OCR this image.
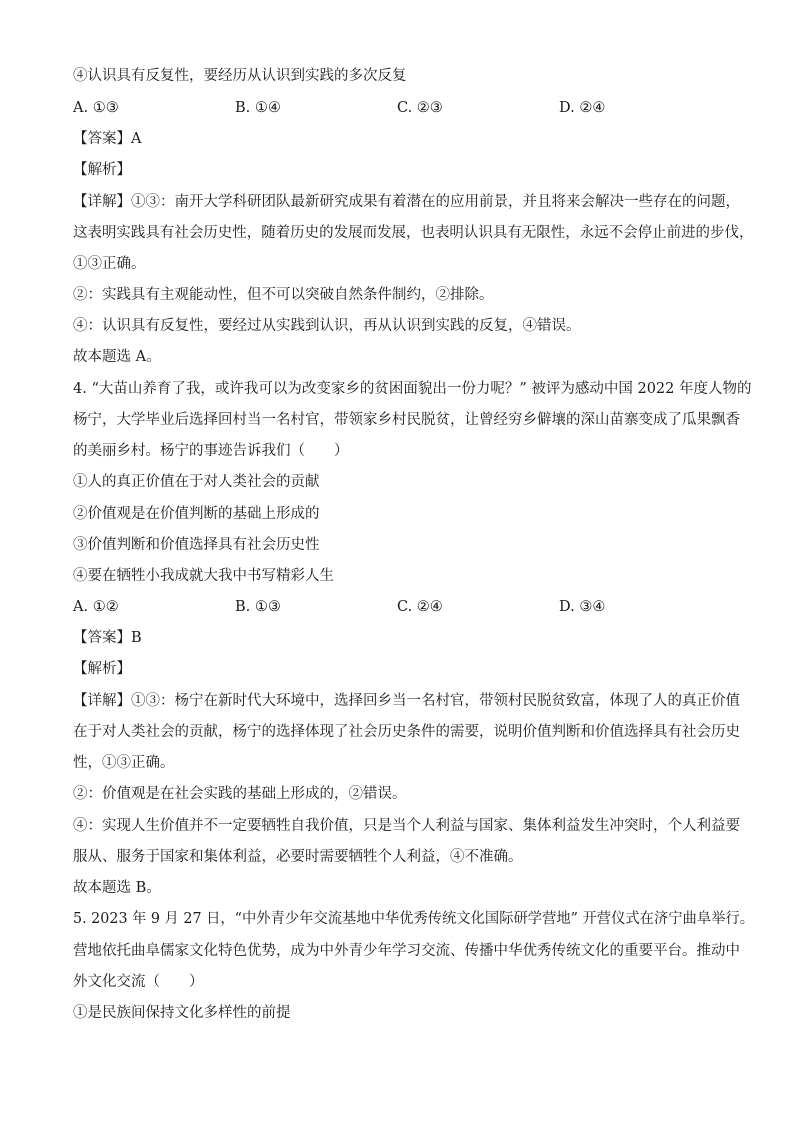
④认识具有反复性，要经历从认识到实践的多次反复
A. ①③	B. ①④	C. ②③	D. ②④
【答案】A
【解析】
【详解】①③：南开大学科研团队最新研究成果有着潜在的应用前景，并且将来会解决一些存在的问题，
这表明实践具有社会历史性，随着历史的发展而发展，也表明认识具有无限性，永远不会停止前进的步伐，
①③正确。
②：实践具有主观能动性，但不可以突破自然条件制约，②排除。
④：认识具有反复性，要经过从实践到认识，再从认识到实践的反复，④错误。
故本题选 A。
4. “大苗山养育了我，或许我可以为改变家乡的贫困面貌出一份力呢？” 被评为感动中国 2022 年度人物的
杨宁，大学毕业后选择回村当一名村官，带领家乡村民脱贫，让曾经穷乡僻壤的深山苗寨变成了瓜果飘香
的美丽乡村。杨宁的事迹告诉我们（　　）
①人的真正价值在于对人类社会的贡献
②价值观是在价值判断的基础上形成的
③价值判断和价值选择具有社会历史性
④要在牺牲小我成就大我中书写精彩人生
A. ①②	B. ①③	C. ②④	D. ③④
【答案】B
【解析】
【详解】①③：杨宁在新时代大环境中，选择回乡当一名村官，带领村民脱贫致富，体现了人的真正价值
在于对人类社会的贡献，杨宁的选择体现了社会历史条件的需要，说明价值判断和价值选择具有社会历史
性，①③正确。
②：价值观是在社会实践的基础上形成的，②错误。
④：实现人生价值并不一定要牺牲自我价值，只是当个人利益与国家、集体利益发生冲突时，个人利益要
服从、服务于国家和集体利益，必要时需要牺牲个人利益，④不准确。
故本题选 B。
5. 2023 年 9 月 27 日，“中外青少年交流基地中华优秀传统文化国际研学营地” 开营仪式在济宁曲阜举行。
营地依托曲阜儒家文化特色优势，成为中外青少年学习交流、传播中华优秀传统文化的重要平台。推动中
外文化交流（　　）
①是民族间保持文化多样性的前提
